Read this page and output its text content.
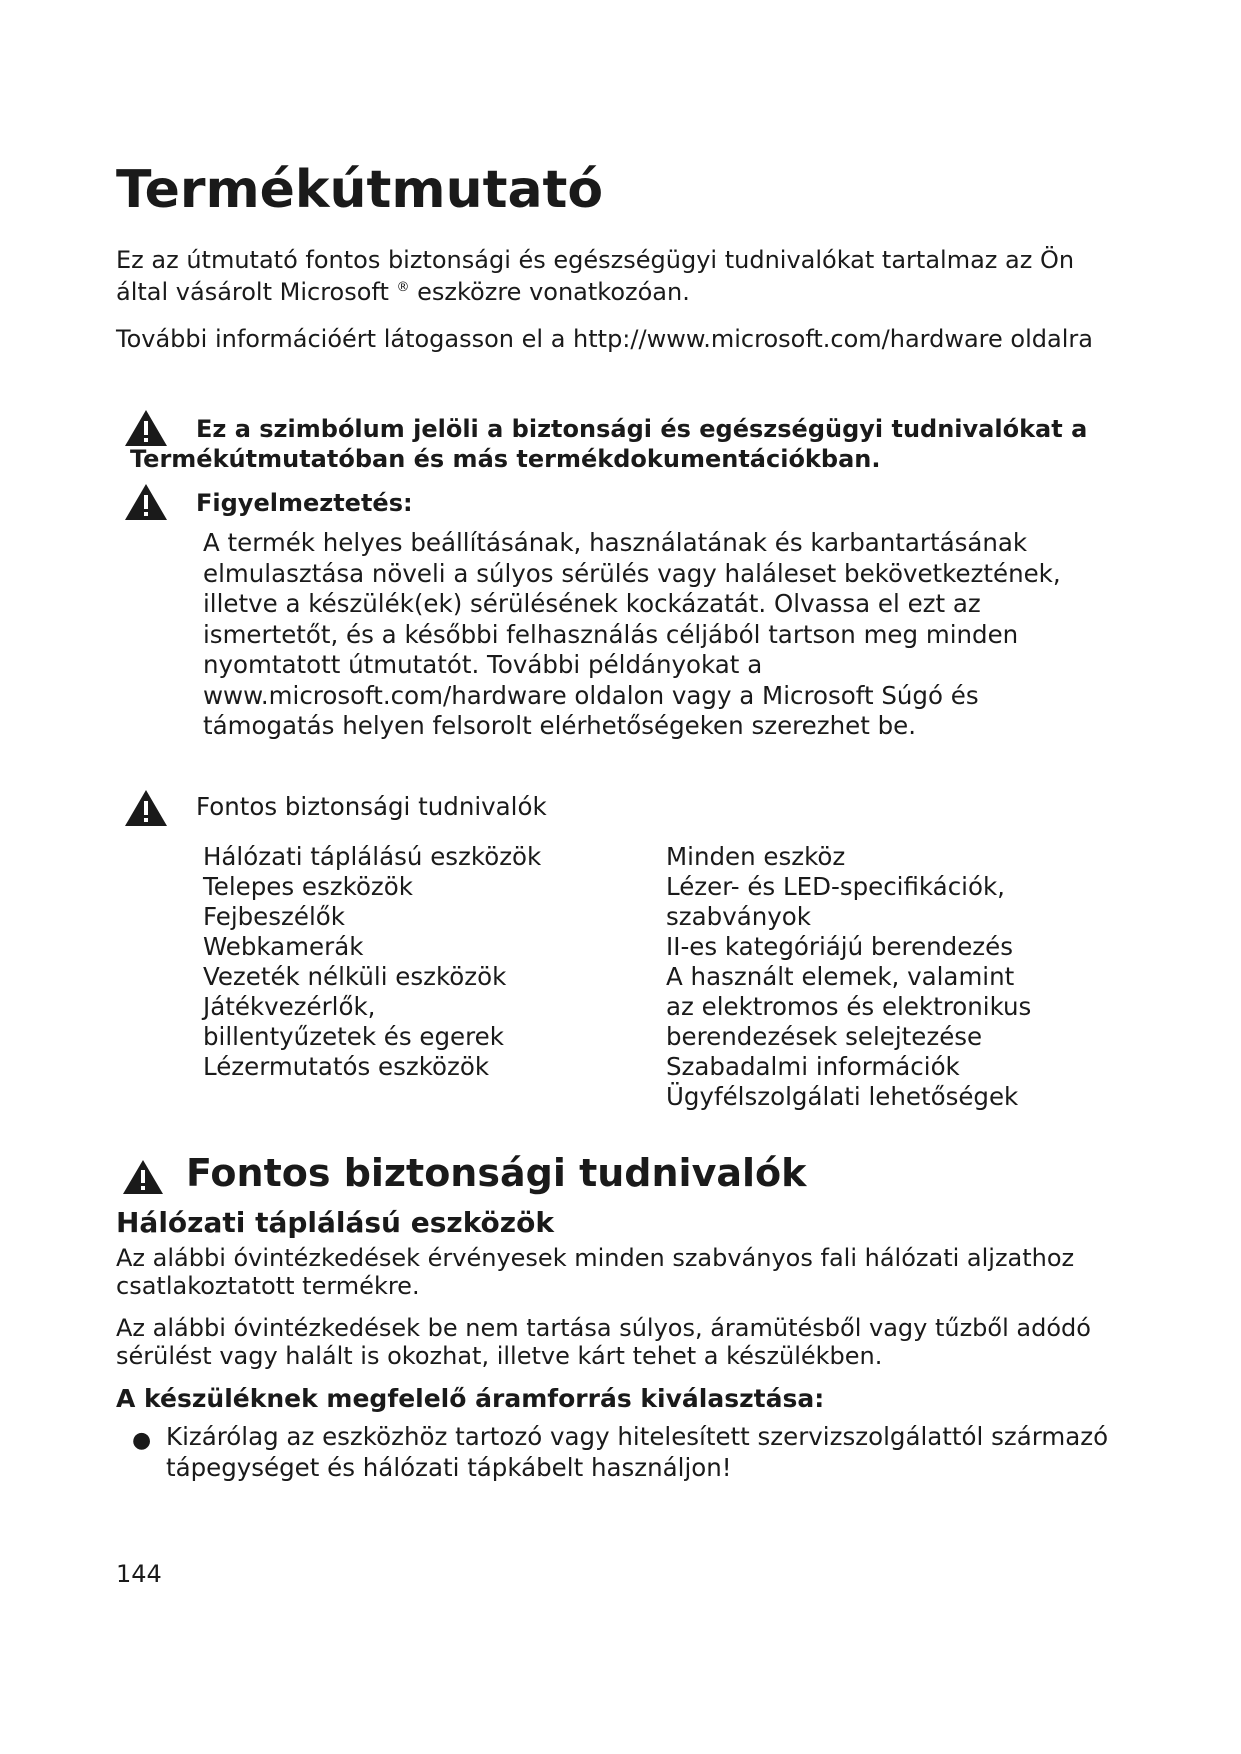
Termékútmutató

Ez az útmutató fontos biztonsági és egészségügyi tudnivalókat tartalmaz az Ön
által vásárolt Microsoft ® eszközre vonatkozóan.

További információért látogasson el a http://www.microsoft.com/hardware oldalra

Ez a szimbólum jelöli a biztonsági és egészségügyi tudnivalókat a Termékútmutatóban és más termékdokumentációkban.

Figyelmeztetés:

A termék helyes beállításának, használatának és karbantartásának elmulasztása növeli a súlyos sérülés vagy haláleset bekövetkeztének, illetve a készülék(ek) sérülésének kockázatát. Olvassa el ezt az ismertetőt, és a későbbi felhasználás céljából tartson meg minden nyomtatott útmutatót. További példányokat a www.microsoft.com/hardware oldalon vagy a Microsoft Súgó és támogatás helyen felsorolt elérhetőségeken szerezhet be.

Fontos biztonsági tudnivalók

Hálózati táplálású eszközök

Telepes eszközök

Fejbeszélők

Webkamerák

Vezeték nélküli eszközök

Játékvezérlők,

billentyűzetek és egerek

Lézermutatós eszközök

Minden eszköz

Lézer- és LED-specifikációk,

szabványok

II-es kategóriájú berendezés

A használt elemek, valamint

az elektromos és elektronikus

berendezések selejtezése

Szabadalmi információk

Ügyfélszolgálati lehetőségek

Fontos biztonsági tudnivalók

Hálózati táplálású eszközök

Az alábbi óvintézkedések érvényesek minden szabványos fali hálózati aljzathoz csatlakoztatott termékre.

Az alábbi óvintézkedések be nem tartása súlyos, áramütésből vagy tűzből adódó sérülést vagy halált is okozhat, illetve kárt tehet a készülékben.

A készüléknek megfelelő áramforrás kiválasztása:

● Kizárólag az eszközhöz tartozó vagy hitelesített szervizszolgálattól származó tápegységet és hálózati tápkábelt használjon!

144
